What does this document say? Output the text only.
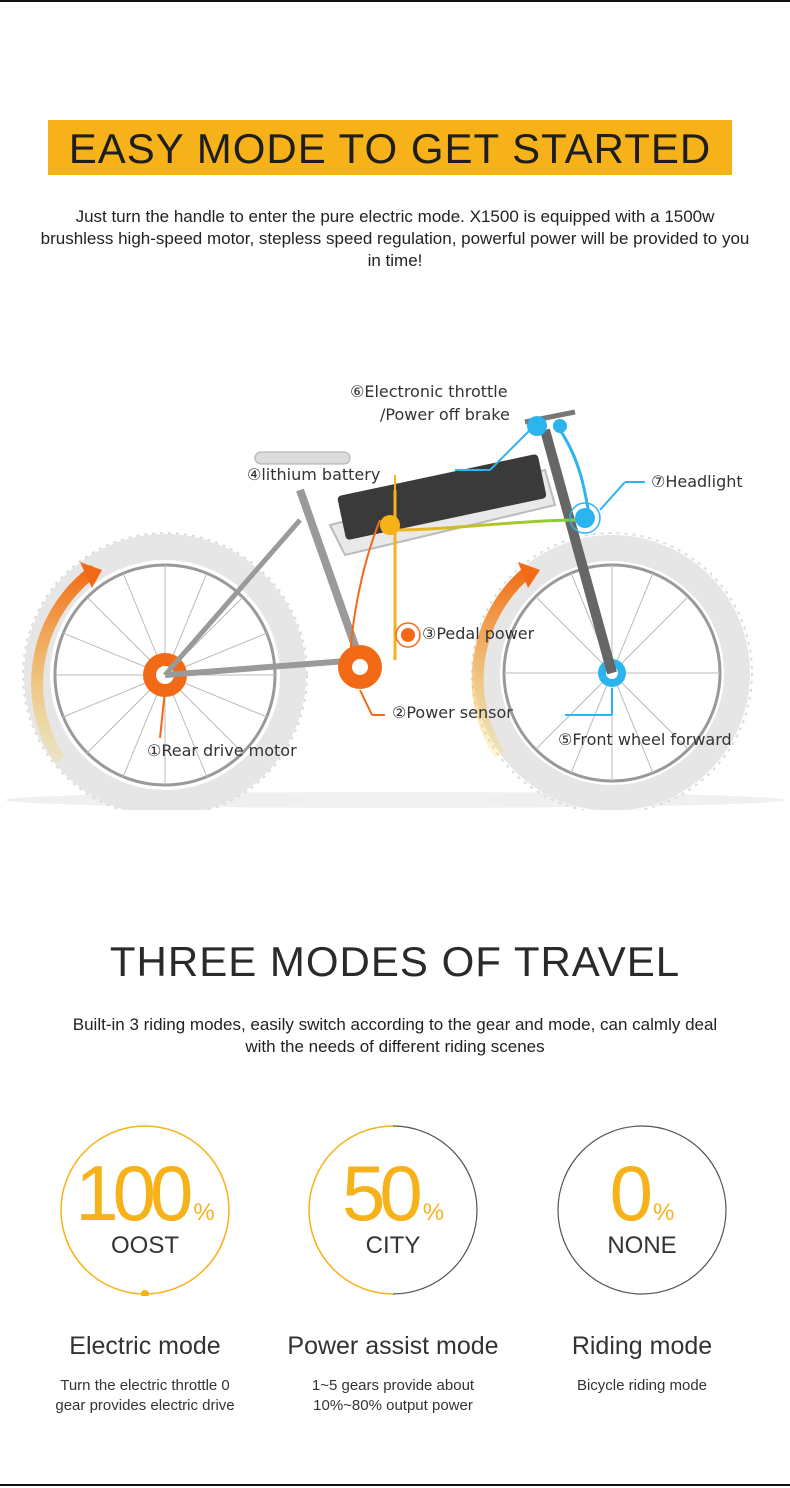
EASY MODE TO GET STARTED
Just turn the handle to enter the pure electric mode. X1500 is equipped with a 1500w brushless high-speed motor, stepless speed regulation, powerful power will be provided to you in time!
⑥Electronic throttle
/Power off brake
④lithium battery	⑦Headlight
③Pedal power
②Power sensor
⑤Front wheel forward
①Rear drive motor
THREE MODES OF TRAVEL
Built-in 3 riding modes, easily switch according to the gear and mode, can calmly deal with the needs of different riding scenes
100 %
OOST
Electric mode
Turn the electric throttle 0 gear provides electric drive
50 %
CITY
Power assist mode
1~5 gears provide about 10%~80% output power
0 %
NONE
Riding mode
Bicycle riding mode
